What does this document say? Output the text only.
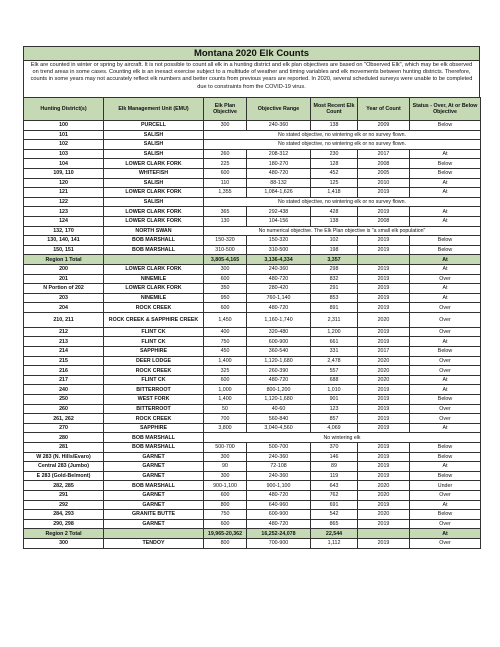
Montana 2020 Elk Counts
Elk are counted in winter or spring by aircraft. It is not possible to count all elk in a hunting district and elk plan objectives are based on "Observed Elk", which may be elk observed on trend areas in some cases. Counting elk is an inexact exercise subject to a multitude of weather and timing variables and elk movements between hunting districts. Therefore, counts in some years may not accurately reflect elk numbers and better counts from previous years are reported. In 2020, several scheduled surveys were unable to be completed due to constraints from the COVID-19 virus.
Hunting District(s)	Elk Management Unit (EMU)	Elk Plan Objective	Objective Range	Most Recent Elk Count	Year of Count	Status - Over, At or Below Objective
100	PURCELL	300	240-360	138	2009	Below
101	SALISH	No stated objective, no wintering elk or no survey flown.				
102	SALISH	No stated objective, no wintering elk or no survey flown.				
103	SALISH	260	208-312	230	2017	At
104	LOWER CLARK FORK	225	180-270	128	2008	Below
109, 110	WHITEFISH	600	480-720	452	2005	Below
120	SALISH	110	88-132	125	2010	At
121	LOWER CLARK FORK	1,355	1,084-1,626	1,418	2019	At
122	SALISH	No stated objective, no wintering elk or no survey flown.				
123	LOWER CLARK FORK	365	292-438	428	2019	At
124	LOWER CLARK FORK	130	104-156	138	2008	At
132, 170	NORTH SWAN	No numerical objective. The Elk Plan objective is "a small elk population"				
130, 140, 141	BOB MARSHALL	150-320	150-320	102	2019	Below
150, 151	BOB MARSHALL	310-500	310-500	198	2019	Below
Region 1 Total		3,805-4,165	3,136-4,334	3,357		At
200	LOWER CLARK FORK	300	240-360	298	2019	At
201	NINEMILE	600	480-720	832	2019	Over
N Portion of 202	LOWER CLARK FORK	350	280-420	291	2019	At
203	NINEMILE	950	760-1,140	853	2019	At
204	ROCK CREEK	600	480-720	891	2019	Over
210, 211	ROCK CREEK & SAPPHIRE CREEK	1,450	1,160-1,740	2,311	2020	Over
212	FLINT CK	400	320-480	1,200	2019	Over
213	FLINT CK	750	600-900	661	2019	At
214	SAPPHIRE	450	360-540	331	2017	Below
215	DEER LODGE	1,400	1,120-1,680	2,478	2020	Over
216	ROCK CREEK	325	260-390	557	2020	Over
217	FLINT CK	600	480-720	688	2020	At
240	BITTERROOT	1,000	800-1,200	1,010	2019	At
250	WEST FORK	1,400	1,120-1,680	901	2019	Below
260	BITTERROOT	50	40-60	123	2019	Over
261, 262	ROCK CREEK	700	560-840	857	2019	Over
270	SAPPHIRE	3,800	3,040-4,560	4,069	2019	At
280	BOB MARSHALL	No wintering elk				
281	BOB MARSHALL	500-700	500-700	370	2019	Below
W 283 (N. Hills/Evaro)	GARNET	300	240-360	146	2019	Below
Central 283 (Jumbo)	GARNET	90	72-108	89	2019	At
E 283 (Gold-Belmont)	GARNET	300	240-360	119	2019	Below
282, 285	BOB MARSHALL	900-1,100	900-1,100	643	2020	Under
291	GARNET	600	480-720	762	2020	Over
292	GARNET	800	640-960	691	2019	At
284, 293	GRANITE BUTTE	750	600-900	542	2020	Below
290, 298	GARNET	600	480-720	865	2019	Over
Region 2 Total		19,965-20,362	16,252-24,078	22,544		At
300	TENDOY	800	700-900	1,112	2019	Over
